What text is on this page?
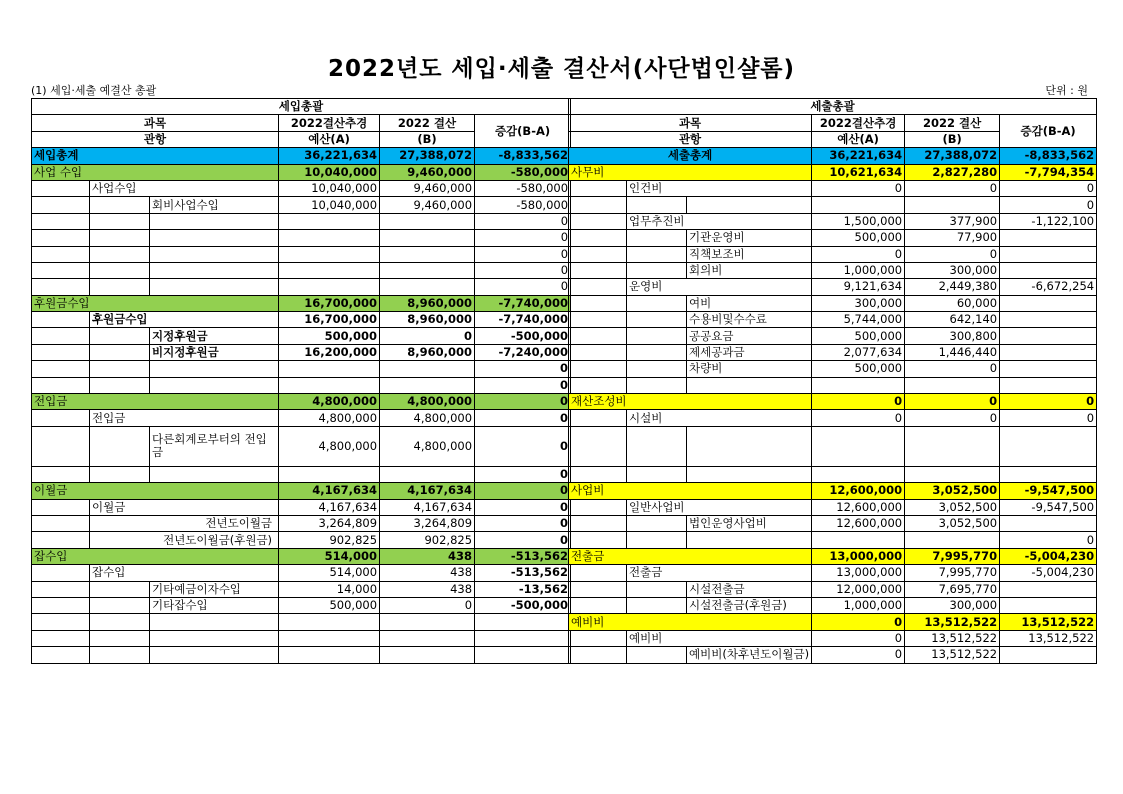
2022년도 세입·세출 결산서(사단법인샬롬)
(1) 세입·세출 예결산 총괄	단위 : 원
세입총괄					
과목			2022결산추경	2022 결산	증감(B-A)
관항			예산(A)	(B)	
세입총계			36,221,634	27,388,072	-8,833,562
사업 수입			10,040,000	9,460,000	-580,000
	사업수입		10,040,000	9,460,000	-580,000
		회비사업수입	10,040,000	9,460,000	-580,000
					0
					0
					0
					0
					0
후원금수입			16,700,000	8,960,000	-7,740,000
	후원금수입		16,700,000	8,960,000	-7,740,000
		지정후원금	500,000	0	-500,000
		비지정후원금	16,200,000	8,960,000	-7,240,000
					0
					0
전입금			4,800,000	4,800,000	0
	전입금		4,800,000	4,800,000	0
		다른회계로부터의 전입금	4,800,000	4,800,000	0
					0
이월금			4,167,634	4,167,634	0
	이월금		4,167,634	4,167,634	0
	전년도이월금		3,264,809	3,264,809	0
	전년도이월금(후원금)		902,825	902,825	0
잡수입			514,000	438	-513,562
	잡수입		514,000	438	-513,562
		기타예금이자수입	14,000	438	-13,562
		기타잡수입	500,000	0	-500,000

세출총괄					
과목			2022결산추경	2022 결산	증감(B-A)
관항			예산(A)	(B)	
세출총계			36,221,634	27,388,072	-8,833,562
사무비			10,621,634	2,827,280	-7,794,354
	인건비		0	0	0
					0
	업무추진비		1,500,000	377,900	-1,122,100
		기관운영비	500,000	77,900	
		직책보조비	0	0	
		회의비	1,000,000	300,000	
	운영비		9,121,634	2,449,380	-6,672,254
		여비	300,000	60,000	
		수용비및수수료	5,744,000	642,140	
		공공요금	500,000	300,800	
		제세공과금	2,077,634	1,446,440	
		차량비	500,000	0	

재산조성비			0	0	0
	시설비		0	0	0

사업비			12,600,000	3,052,500	-9,547,500
	일반사업비		12,600,000	3,052,500	-9,547,500
		법인운영사업비	12,600,000	3,052,500	
					0
전출금			13,000,000	7,995,770	-5,004,230
	전출금		13,000,000	7,995,770	-5,004,230
		시설전출금	12,000,000	7,695,770	
		시설전출금(후원금)	1,000,000	300,000	
예비비			0	13,512,522	13,512,522
	예비비		0	13,512,522	13,512,522
		예비비(차후년도이월금)	0	13,512,522	
